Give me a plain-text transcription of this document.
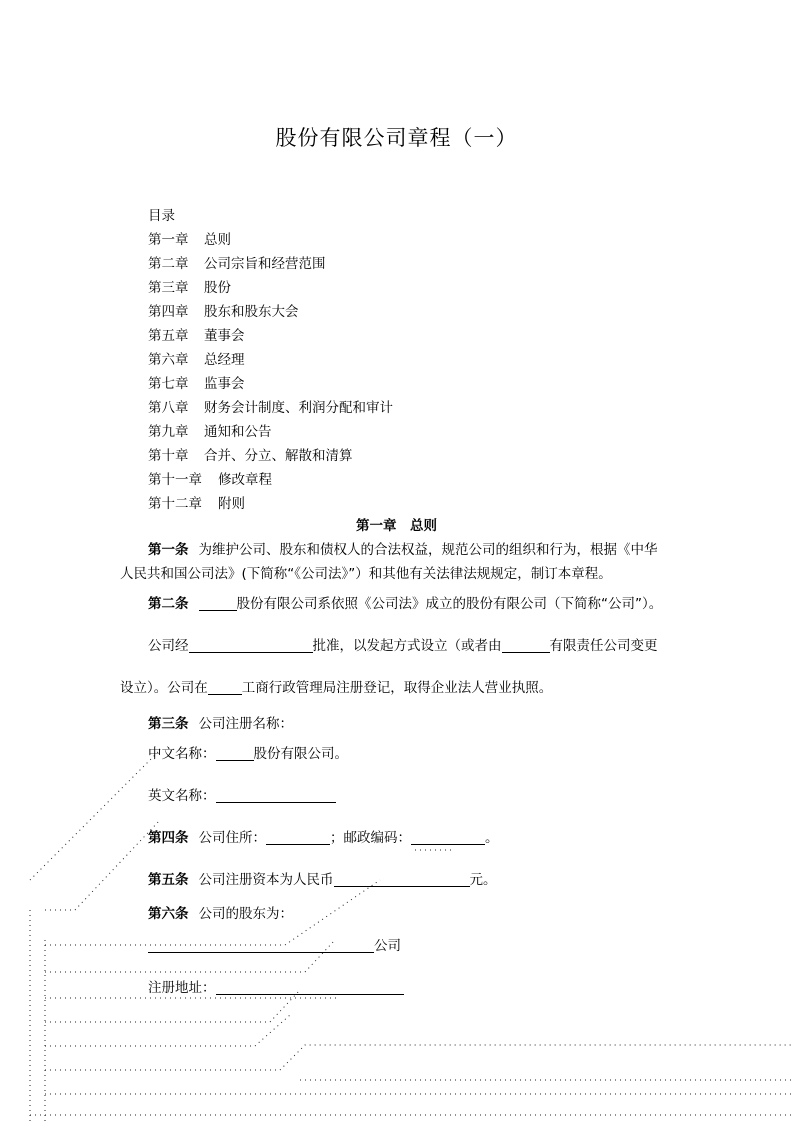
股份有限公司章程（一）
目录
第一章 总则
第二章 公司宗旨和经营范围
第三章 股份
第四章 股东和股东大会
第五章 董事会
第六章 总经理
第七章 监事会
第八章 财务会计制度、利润分配和审计
第九章 通知和公告
第十章 合并、分立、解散和清算
第十一章 修改章程
第十二章 附则
第一章　总则
第一条 为维护公司、股东和债权人的合法权益，规范公司的组织和行为，根据《中华
人民共和国公司法》(下简称“《公司法》”）和其他有关法律法规规定，制订本章程。
第二条	股份有限公司系依照《公司法》成立的股份有限公司（下简称“公司”）。
公司经	批准，以发起方式设立（或者由	有限责任公司变更
设立）。公司在	工商行政管理局注册登记，取得企业法人营业执照。
第三条 公司注册名称：
中文名称：	股份有限公司。
英文名称：
第四条 公司住所：	；邮政编码：	。
第五条 公司注册资本为人民币	元。
第六条 公司的股东为：
公司
注册地址：
